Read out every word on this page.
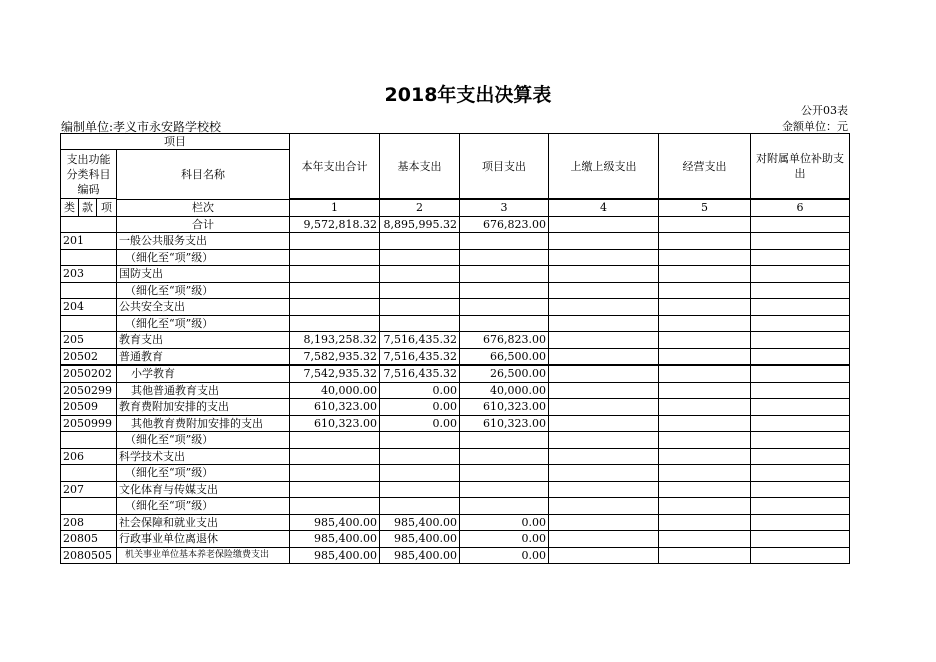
2018年支出决算表
公开03表
编制单位:孝义市永安路学校校	金额单位：元
项目				本年支出合计	基本支出	项目支出	上缴上级支出	经营支出	对附属单位补助支出
支出功能分类科目编码			科目名称						

类	款	项							
			栏次	1	2	3	4	5	6
			合计	9,572,818.32	8,895,995.32	676,823.00			
201			一般公共服务支出						
			（细化至“项”级）						
203			国防支出						
			（细化至“项”级）						
204			公共安全支出						
			（细化至“项”级）						
205			教育支出	8,193,258.32	7,516,435.32	676,823.00			
20502			普通教育	7,582,935.32	7,516,435.32	66,500.00			
2050202			小学教育	7,542,935.32	7,516,435.32	26,500.00			
2050299			其他普通教育支出	40,000.00	0.00	40,000.00			
20509			教育费附加安排的支出	610,323.00	0.00	610,323.00			
2050999			其他教育费附加安排的支出	610,323.00	0.00	610,323.00			
			（细化至“项”级）						
206			科学技术支出						
			（细化至“项”级）						
207			文化体育与传媒支出						
			（细化至“项”级）						
208			社会保障和就业支出	985,400.00	985,400.00	0.00			
20805			行政事业单位离退休	985,400.00	985,400.00	0.00			
2080505			机关事业单位基本养老保险缴费支出	985,400.00	985,400.00	0.00			
